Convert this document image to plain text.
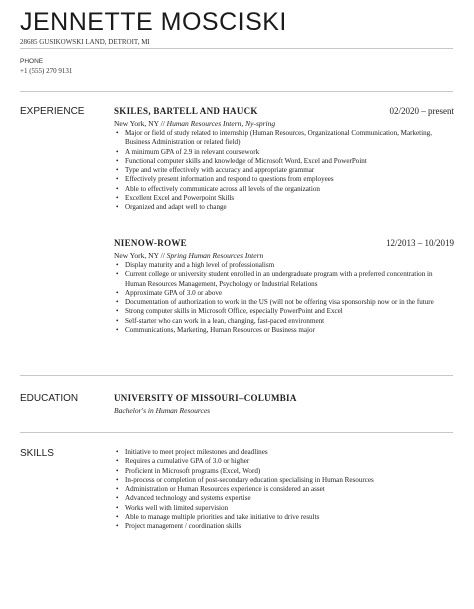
JENNETTE MOSCISKI
28685 GUSIKOWSKI LAND, DETROIT, MI
PHONE
+1 (555) 270 9131
EXPERIENCE	SKILES, BARTELL AND HAUCK	02/2020 – present
New York, NY // Human Resources Intern, Ny-spring
• Major or field of study related to internship (Human Resources, Organizational Communication, Marketing, Business Administration or related field)
• A minimum GPA of 2.9 in relevant coursework
• Functional computer skills and knowledge of Microsoft Word, Excel and PowerPoint
• Type and write effectively with accuracy and appropriate grammar
• Effectively present information and respond to questions from employees
• Able to effectively communicate across all levels of the organization
• Excellent Excel and Powerpoint Skills
• Organized and adapt well to change
NIENOW-ROWE	12/2013 – 10/2019
New York, NY // Spring Human Resources Intern
• Display maturity and a high level of professionalism
• Current college or university student enrolled in an undergraduate program with a preferred concentration in Human Resources Management, Psychology or Industrial Relations
• Approximate GPA of 3.0 or above
• Documentation of authorization to work in the US (will not be offering visa sponsorship now or in the future
• Strong computer skills in Microsoft Office, especially PowerPoint and Excel
• Self-starter who can work in a lean, changing, fast-paced environment
• Communications, Marketing, Human Resources or Business major
EDUCATION	UNIVERSITY OF MISSOURI–COLUMBIA
Bachelor's in Human Resources
SKILLS
•	Initiative to meet project milestones and deadlines
• Requires a cumulative GPA of 3.0 or higher
• Proficient in Microsoft programs (Excel, Word)
• In-process or completion of post-secondary education specialising in Human Resources
• Administration or Human Resources experience is considered an asset
• Advanced technology and systems expertise
• Works well with limited supervision
• Able to manage multiple priorities and take initiative to drive results
• Project management / coordination skills
